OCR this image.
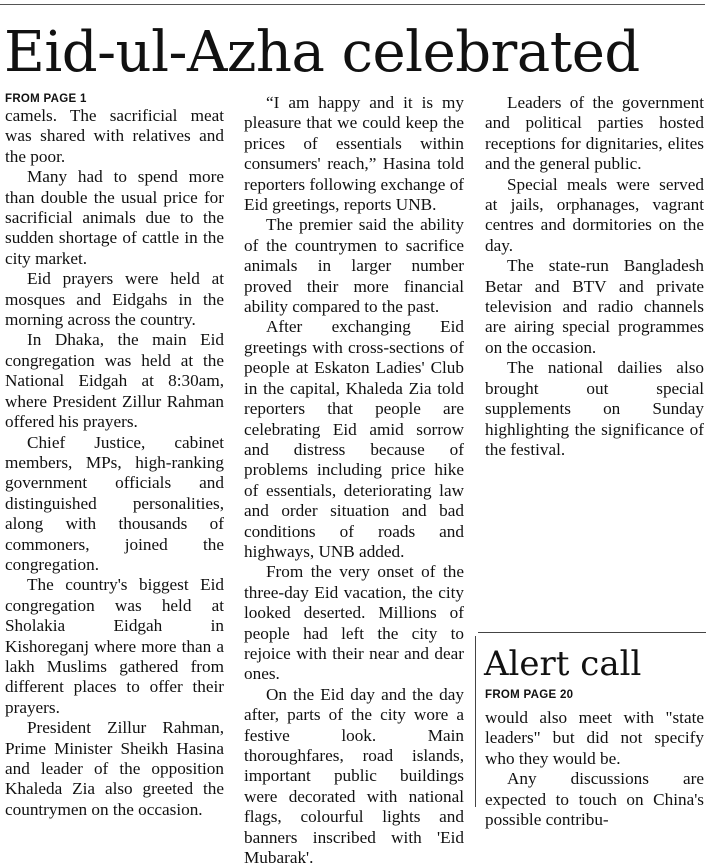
Eid-ul-Azha celebrated

FROM PAGE 1

camels. The sacrificial meat was shared with relatives and the poor.

Many had to spend more than double the usual price for sacrificial animals due to the sudden shortage of cattle in the city market.

Eid prayers were held at mosques and Eidgahs in the morning across the country.

In Dhaka, the main Eid congregation was held at the National Eidgah at 8:30am, where President Zillur Rahman offered his prayers.

Chief Justice, cabinet members, MPs, high-ranking government officials and distinguished personalities, along with thousands of commoners, joined the congregation.

The country's biggest Eid congregation was held at Sholakia Eidgah in Kishoreganj where more than a lakh Muslims gathered from different places to offer their prayers.

President Zillur Rahman, Prime Minister Sheikh Hasina and leader of the opposition Khaleda Zia also greeted the countrymen on the occasion.

“I am happy and it is my pleasure that we could keep the prices of essentials within consumers' reach,” Hasina told reporters following exchange of Eid greetings, reports UNB.

The premier said the ability of the countrymen to sacrifice animals in larger number proved their more financial ability compared to the past.

After exchanging Eid greetings with cross-sections of people at Eskaton Ladies' Club in the capital, Khaleda Zia told reporters that people are celebrating Eid amid sorrow and distress because of problems including price hike of essentials, deteriorating law and order situation and bad conditions of roads and highways, UNB added.

From the very onset of the three-day Eid vacation, the city looked deserted. Millions of people had left the city to rejoice with their near and dear ones.

On the Eid day and the day after, parts of the city wore a festive look. Main thoroughfares, road islands, important public buildings were decorated with national flags, colourful lights and banners inscribed with 'Eid Mubarak'.

Leaders of the government and political parties hosted receptions for dignitaries, elites and the general public.

Special meals were served at jails, orphanages, vagrant centres and dormitories on the day.

The state-run Bangladesh Betar and BTV and private television and radio channels are airing special programmes on the occasion.

The national dailies also brought out special supplements on Sunday highlighting the significance of the festival.

Alert call
FROM PAGE 20

would also meet with "state leaders" but did not specify who they would be.

Any discussions are expected to touch on China's possible contribu-
